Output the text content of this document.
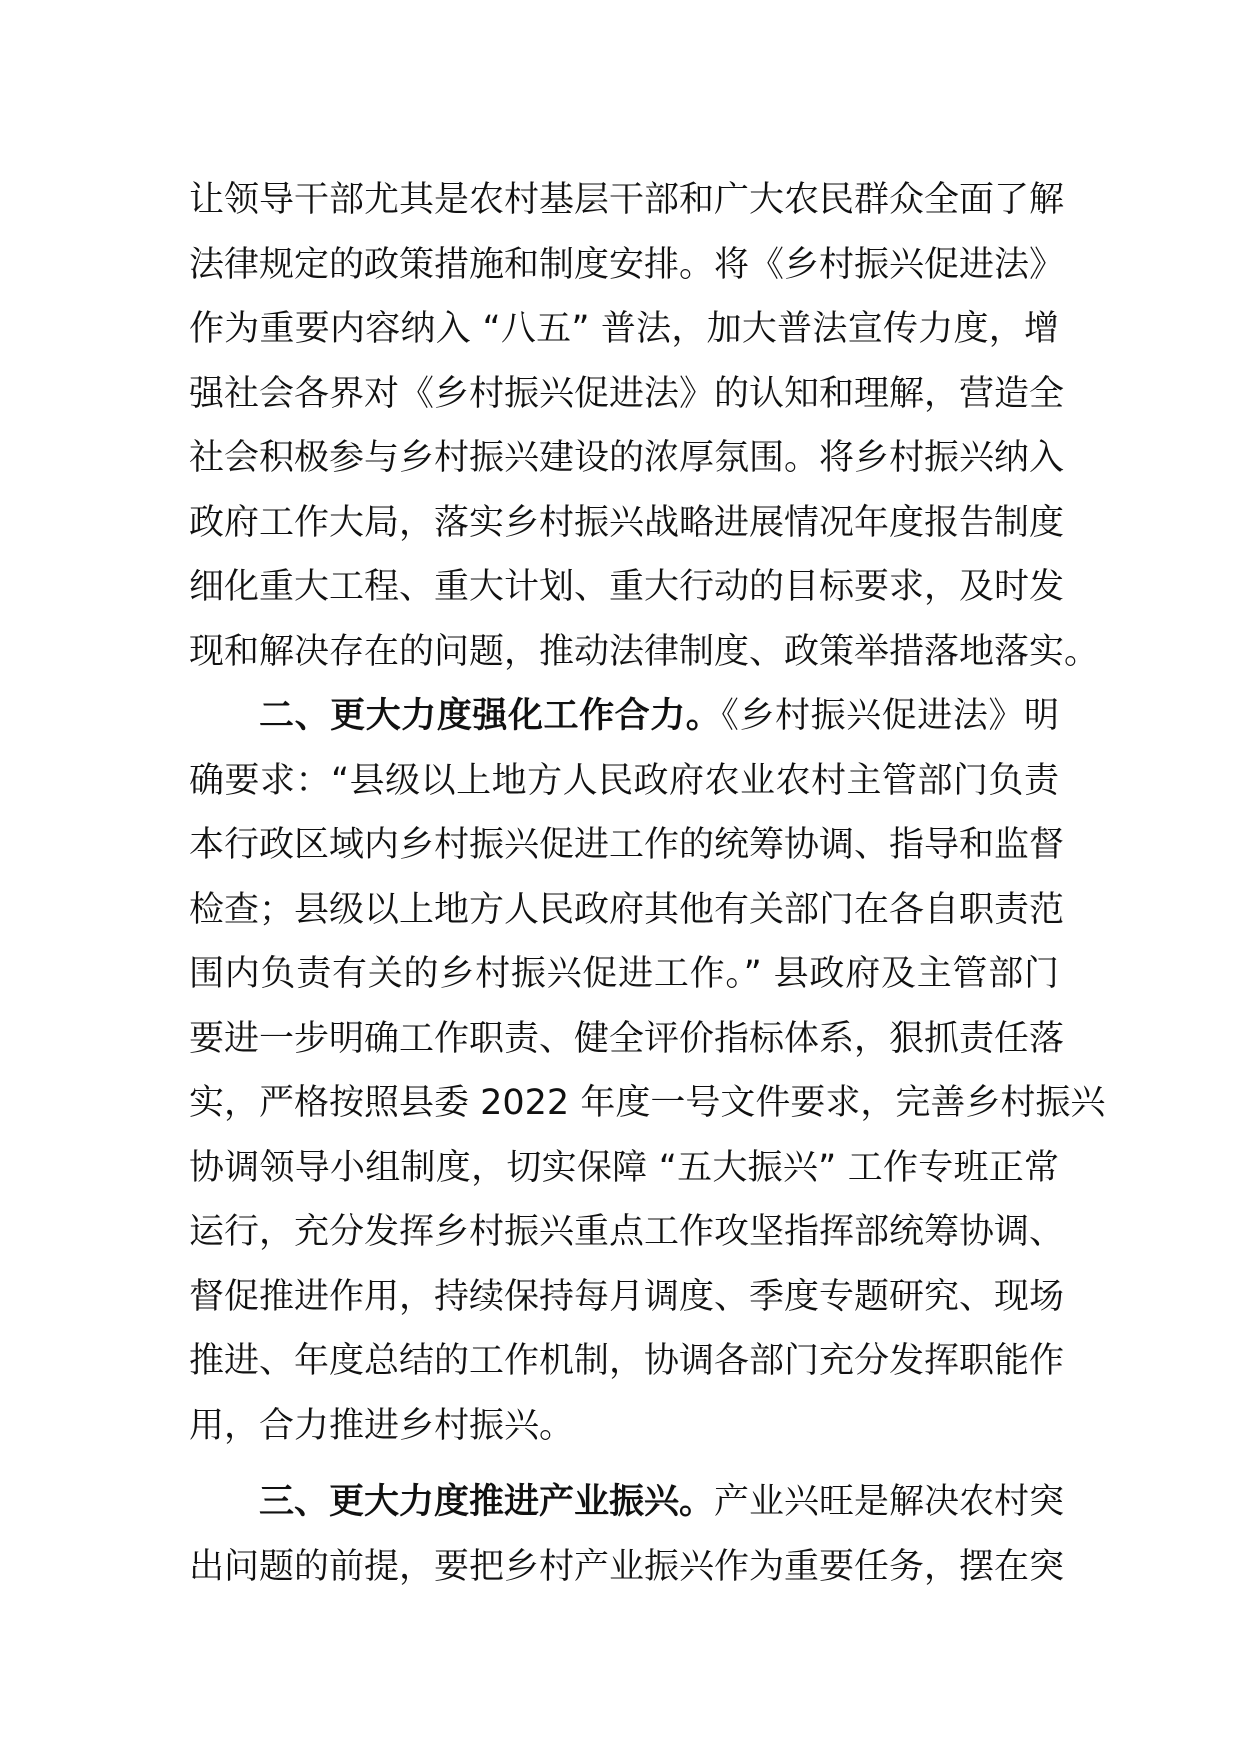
让领导干部尤其是农村基层干部和广大农民群众全面了解
法律规定的政策措施和制度安排。将《乡村振兴促进法》
作为重要内容纳入 “八五” 普法，加大普法宣传力度，增
强社会各界对《乡村振兴促进法》的认知和理解，营造全
社会积极参与乡村振兴建设的浓厚氛围。将乡村振兴纳入
政府工作大局，落实乡村振兴战略进展情况年度报告制度
细化重大工程、重大计划、重大行动的目标要求，及时发
现和解决存在的问题，推动法律制度、政策举措落地落实。
二、更大力度强化工作合力。《乡村振兴促进法》明
确要求：“县级以上地方人民政府农业农村主管部门负责
本行政区域内乡村振兴促进工作的统筹协调、指导和监督
检查；县级以上地方人民政府其他有关部门在各自职责范
围内负责有关的乡村振兴促进工作。” 县政府及主管部门
要进一步明确工作职责、健全评价指标体系，狠抓责任落
实，严格按照县委 2022 年度一号文件要求，完善乡村振兴
协调领导小组制度，切实保障 “五大振兴” 工作专班正常
运行，充分发挥乡村振兴重点工作攻坚指挥部统筹协调、
督促推进作用，持续保持每月调度、季度专题研究、现场
推进、年度总结的工作机制，协调各部门充分发挥职能作
用，合力推进乡村振兴。
三、更大力度推进产业振兴。产业兴旺是解决农村突
出问题的前提，要把乡村产业振兴作为重要任务，摆在突
